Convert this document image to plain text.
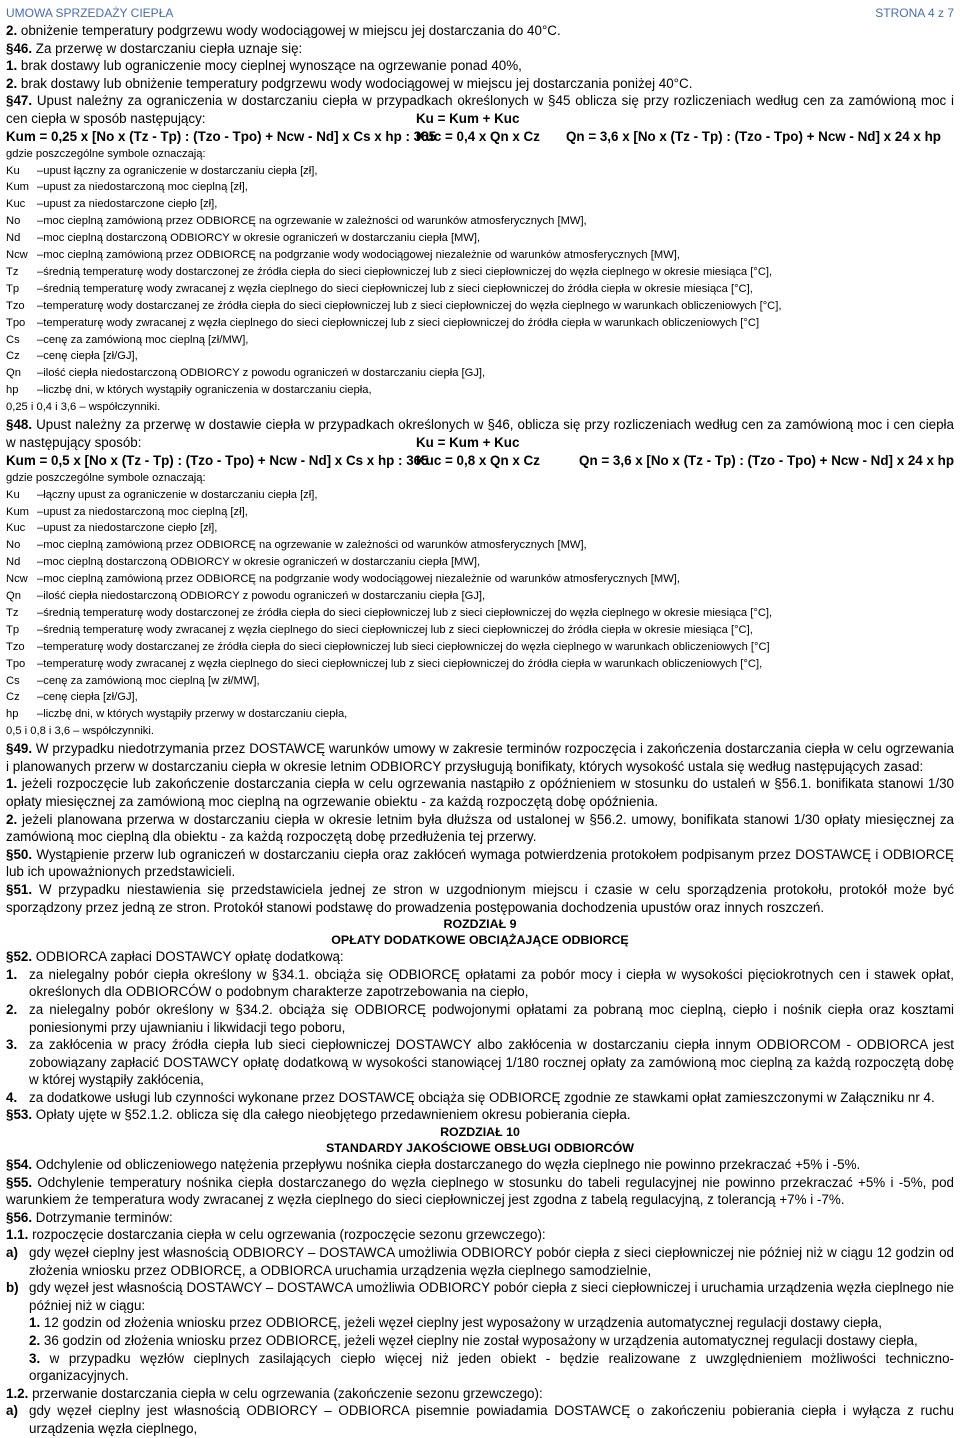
UMOWA SPRZEDAŻY CIEPŁA	STRONA 4 z 7
2. obniżenie temperatury podgrzewu wody wodociągowej w miejscu jej dostarczania do 40°C.
§46. Za przerwę w dostarczaniu ciepła uznaje się:
1. brak dostawy lub ograniczenie mocy cieplnej wynoszące na ogrzewanie ponad 40%,
2. brak dostawy lub obniżenie temperatury podgrzewu wody wodociągowej w miejscu jej dostarczania poniżej 40°C.
§47. Upust należny za ograniczenia w dostarczaniu ciepła w przypadkach określonych w §45 oblicza się przy rozliczeniach według cen za zamówioną moc i cen ciepła w sposób następujący:	Ku = Kum + Kuc
Kum = 0,25 x [No x (Tz - Tp) : (Tzo - Tpo) + Ncw - Nd] x Cs x hp : 365
Kuc = 0,4 x Qn x Cz	Qn = 3,6 x [No x (Tz - Tp) : (Tzo - Tpo) + Ncw - Nd] x 24 x hp
gdzie poszczególne symbole oznaczają:
Ku	– upust łączny za ograniczenie w dostarczaniu ciepła [zł],
Kum – upust za niedostarczoną moc cieplną [zł],
Kuc	– upust za niedostarczone ciepło [zł],
No	– moc cieplną zamówioną przez ODBIORCĘ na ogrzewanie w zależności od warunków atmosferycznych [MW],
Nd	– moc cieplną dostarczoną ODBIORCY w okresie ograniczeń w dostarczaniu ciepła [MW],
Ncw – moc cieplną zamówioną przez ODBIORCĘ na podgrzanie wody wodociągowej niezależnie od warunków atmosferycznych [MW],
Tz	– średnią temperaturę wody dostarczonej ze źródła ciepła do sieci ciepłowniczej lub z sieci ciepłowniczej do węzła cieplnego w okresie miesiąca [°C],
Tp	– średnią temperaturę wody zwracanej z węzła cieplnego do sieci ciepłowniczej lub z sieci ciepłowniczej do źródła ciepła w okresie miesiąca [°C],
Tzo	– temperaturę wody dostarczanej ze źródła ciepła do sieci ciepłowniczej lub z sieci ciepłowniczej do węzła cieplnego w warunkach obliczeniowych [°C],
Tpo	– temperaturę wody zwracanej z węzła cieplnego do sieci ciepłowniczej lub z sieci ciepłowniczej do źródła ciepła w warunkach obliczeniowych [°C]
Cs	– cenę za zamówioną moc cieplną [zł/MW],
Cz	– cenę ciepła [zł/GJ],
Qn	– ilość ciepła niedostarczoną ODBIORCY z powodu ograniczeń w dostarczaniu ciepła [GJ],
hp	– liczbę dni, w których wystąpiły ograniczenia w dostarczaniu ciepła,
0,25 i 0,4 i 3,6 – współczynniki.
§48. Upust należny za przerwę w dostawie ciepła w przypadkach określonych w §46, oblicza się przy rozliczeniach według cen za zamówioną moc i cen ciepła w następujący sposób:	Ku = Kum + Kuc
Kum = 0,5 x [No x (Tz - Tp) : (Tzo - Tpo) + Ncw - Nd] x Cs x hp : 365
Kuc = 0,8 x Qn x Cz	Qn = 3,6 x [No x (Tz - Tp) : (Tzo - Tpo) + Ncw - Nd] x 24 x hp
gdzie poszczególne symbole oznaczają:
Ku	– łączny upust za ograniczenie w dostarczaniu ciepła [zł],
Kum – upust za niedostarczoną moc cieplną [zł],
Kuc	– upust za niedostarczone ciepło [zł],
No	– moc cieplną zamówioną przez ODBIORCĘ na ogrzewanie w zależności od warunków atmosferycznych [MW],
Nd	– moc cieplną dostarczoną ODBIORCY w okresie ograniczeń w dostarczaniu ciepła [MW],
Ncw – moc cieplną zamówioną przez ODBIORCĘ na podgrzanie wody wodociągowej niezależnie od warunków atmosferycznych [MW],
Qn	– ilość ciepła niedostarczoną ODBIORCY z powodu ograniczeń w dostarczaniu ciepła [GJ],
Tz	– średnią temperaturę wody dostarczonej ze źródła ciepła do sieci ciepłowniczej lub z sieci ciepłowniczej do węzła cieplnego w okresie miesiąca [°C],
Tp	– średnią temperaturę wody zwracanej z węzła cieplnego do sieci ciepłowniczej lub z sieci ciepłowniczej do źródła ciepła w okresie miesiąca [°C],
Tzo	– temperaturę wody dostarczanej ze źródła ciepła do sieci ciepłowniczej lub sieci ciepłowniczej do węzła cieplnego w warunkach obliczeniowych [°C]
Tpo	– temperaturę wody zwracanej z węzła cieplnego do sieci ciepłowniczej lub z sieci ciepłowniczej do źródła ciepła w warunkach obliczeniowych [°C],
Cs	– cenę za zamówioną moc cieplną [w zł/MW],
Cz	– cenę ciepła [zł/GJ],
hp	– liczbę dni, w których wystąpiły przerwy w dostarczaniu ciepła,
0,5 i 0,8 i 3,6 – współczynniki.
§49. W przypadku niedotrzymania przez DOSTAWCĘ warunków umowy w zakresie terminów rozpoczęcia i zakończenia dostarczania ciepła w celu ogrzewania i planowanych przerw w dostarczaniu ciepła w okresie letnim ODBIORCY przysługują bonifikaty, których wysokość ustala się według następujących zasad:
1. jeżeli rozpoczęcie lub zakończenie dostarczania ciepła w celu ogrzewania nastąpiło z opóźnieniem w stosunku do ustaleń w §56.1. bonifikata stanowi 1/30 opłaty miesięcznej za zamówioną moc cieplną na ogrzewanie obiektu - za każdą rozpoczętą dobę opóźnienia.
2. jeżeli planowana przerwa w dostarczaniu ciepła w okresie letnim była dłuższa od ustalonej w §56.2. umowy, bonifikata stanowi 1/30 opłaty miesięcznej za zamówioną moc cieplną dla obiektu - za każdą rozpoczętą dobę przedłużenia tej przerwy.
§50. Wystąpienie przerw lub ograniczeń w dostarczaniu ciepła oraz zakłóceń wymaga potwierdzenia protokołem podpisanym przez DOSTAWCĘ i ODBIORCĘ lub ich upoważnionych przedstawicieli.
§51. W przypadku niestawienia się przedstawiciela jednej ze stron w uzgodnionym miejscu i czasie w celu sporządzenia protokołu, protokół może być sporządzony przez jedną ze stron. Protokół stanowi podstawę do prowadzenia postępowania dochodzenia upustów oraz innych roszczeń.
ROZDZIAŁ 9
OPŁATY DODATKOWE OBCIĄŻAJĄCE ODBIORCĘ
§52. ODBIORCA zapłaci DOSTAWCY opłatę dodatkową:
1. za nielegalny pobór ciepła określony w §34.1. obciąża się ODBIORCĘ opłatami za pobór mocy i ciepła w wysokości pięciokrotnych cen i stawek opłat, określonych dla ODBIORCÓW o podobnym charakterze zapotrzebowania na ciepło,
2. za nielegalny pobór określony w §34.2. obciąża się ODBIORCĘ podwojonymi opłatami za pobraną moc cieplną, ciepło i nośnik ciepła oraz kosztami poniesionymi przy ujawnianiu i likwidacji tego poboru,
3. za zakłócenia w pracy źródła ciepła lub sieci ciepłowniczej DOSTAWCY albo zakłócenia w dostarczaniu ciepła innym ODBIORCOM - ODBIORCA jest zobowiązany zapłacić DOSTAWCY opłatę dodatkową w wysokości stanowiącej 1/180 rocznej opłaty za zamówioną moc cieplną za każdą rozpoczętą dobę w której wystąpiły zakłócenia,
4. za dodatkowe usługi lub czynności wykonane przez DOSTAWCĘ obciąża się ODBIORCĘ zgodnie ze stawkami opłat zamieszczonymi w Załączniku nr 4.
§53. Opłaty ujęte w §52.1.2. oblicza się dla całego nieobjętego przedawnieniem okresu pobierania ciepła.
ROZDZIAŁ 10
STANDARDY JAKOŚCIOWE OBSŁUGI ODBIORCÓW
§54. Odchylenie od obliczeniowego natężenia przepływu nośnika ciepła dostarczanego do węzła cieplnego nie powinno przekraczać +5% i -5%.
§55. Odchylenie temperatury nośnika ciepła dostarczanego do węzła cieplnego w stosunku do tabeli regulacyjnej nie powinno przekraczać +5% i -5%, pod warunkiem że temperatura wody zwracanej z węzła cieplnego do sieci ciepłowniczej jest zgodna z tabelą regulacyjną, z tolerancją +7% i -7%.
§56. Dotrzymanie terminów:
1.1. rozpoczęcie dostarczania ciepła w celu ogrzewania (rozpoczęcie sezonu grzewczego):
a) gdy węzeł cieplny jest własnością ODBIORCY – DOSTAWCA umożliwia ODBIORCY pobór ciepła z sieci ciepłowniczej nie później niż w ciągu 12 godzin od złożenia wniosku przez ODBIORCĘ, a ODBIORCA uruchamia urządzenia węzła cieplnego samodzielnie,
b) gdy węzeł jest własnością DOSTAWCY – DOSTAWCA umożliwia ODBIORCY pobór ciepła z sieci ciepłowniczej i uruchamia urządzenia węzła cieplnego nie później niż w ciągu:
1. 12 godzin od złożenia wniosku przez ODBIORCĘ, jeżeli węzeł cieplny jest wyposażony w urządzenia automatycznej regulacji dostawy ciepła,
2. 36 godzin od złożenia wniosku przez ODBIORCĘ, jeżeli węzeł cieplny nie został wyposażony w urządzenia automatycznej regulacji dostawy ciepła,
3. w przypadku węzłów cieplnych zasilających ciepło więcej niż jeden obiekt - będzie realizowane z uwzględnieniem możliwości techniczno-organizacyjnych.
1.2. przerwanie dostarczania ciepła w celu ogrzewania (zakończenie sezonu grzewczego):
a) gdy węzeł cieplny jest własnością ODBIORCY – ODBIORCA pisemnie powiadamia DOSTAWCĘ o zakończeniu pobierania ciepła i wyłącza z ruchu urządzenia węzła cieplnego,
